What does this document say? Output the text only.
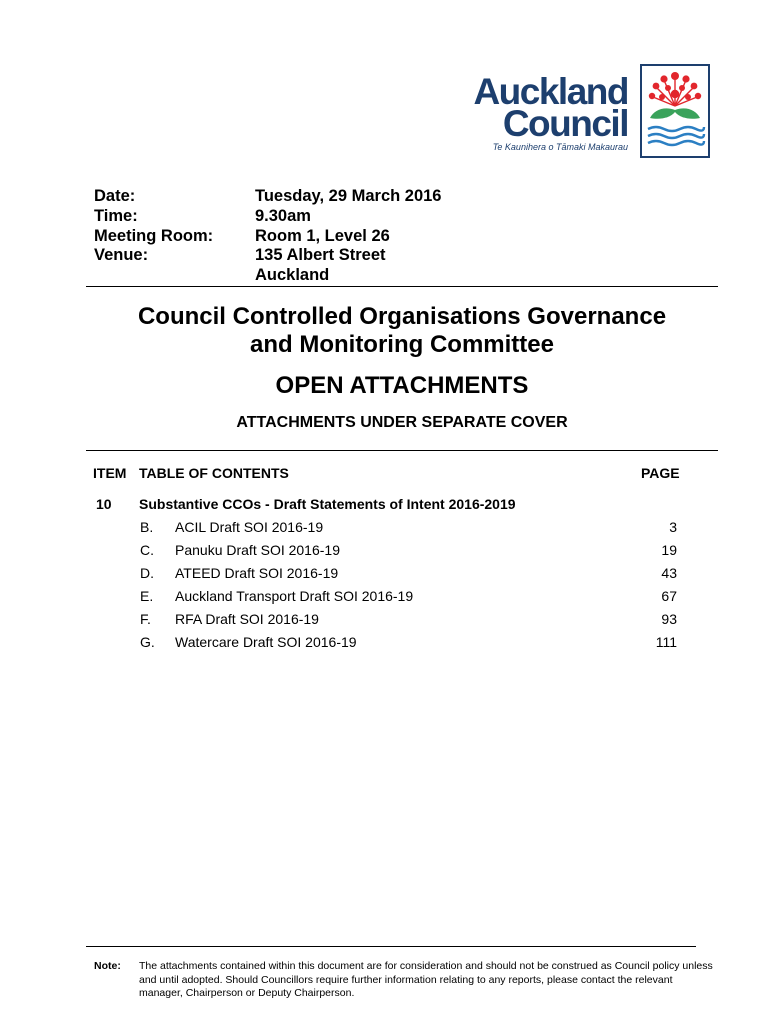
Auckland
Council
Te Kaunihera o Tāmaki Makaurau
Date:	Tuesday, 29 March 2016
Time:	9.30am
Meeting Room:	Room 1, Level 26
Venue:	135 Albert Street
Auckland
Council Controlled Organisations Governance
and Monitoring Committee
OPEN ATTACHMENTS
ATTACHMENTS UNDER SEPARATE COVER
ITEM TABLE OF CONTENTS	PAGE
10 Substantive CCOs - Draft Statements of Intent 2016-2019
B. ACIL Draft SOI 2016-19	3
C. Panuku Draft SOI 2016-19	19
D. ATEED Draft SOI 2016-19	43
E. Auckland Transport Draft SOI 2016-19	67
F. RFA Draft SOI 2016-19	93
G. Watercare Draft SOI 2016-19	111
Note: The attachments contained within this document are for consideration and should not be construed as Council policy unless and until adopted. Should Councillors require further information relating to any reports, please contact the relevant manager, Chairperson or Deputy Chairperson.
